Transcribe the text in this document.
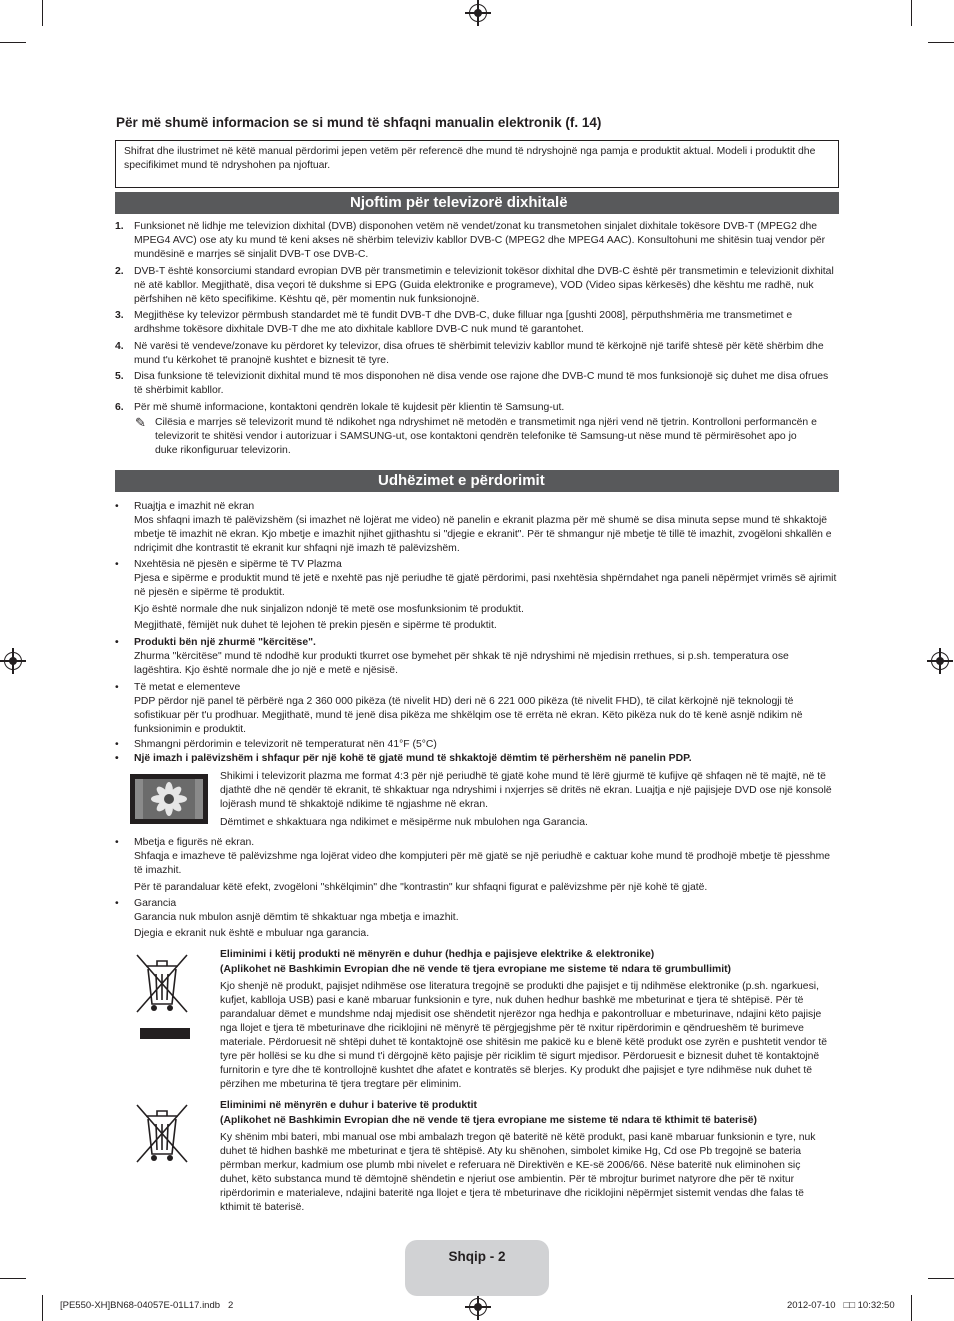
Për më shumë informacion se si mund të shfaqni manualin elektronik (f. 14)
Shifrat dhe ilustrimet në këtë manual përdorimi jepen vetëm për referencë dhe mund të ndryshojnë nga pamja e produktit aktual. Modeli i produktit dhe specifikimet mund të ndryshohen pa njoftuar.
Njoftim për televizorë dixhitalë
1. Funksionet në lidhje me televizion dixhital (DVB) disponohen vetëm në vendet/zonat ku transmetohen sinjalet dixhitale tokësore DVB-T (MPEG2 dhe MPEG4 AVC) ose aty ku mund të keni akses në shërbim televiziv kabllor DVB-C (MPEG2 dhe MPEG4 AAC). Konsultohuni me shitësin tuaj vendor për mundësinë e marrjes së sinjalit DVB-T ose DVB-C.
2. DVB-T është konsorciumi standard evropian DVB për transmetimin e televizionit tokësor dixhital dhe DVB-C është për transmetimin e televizionit dixhital në atë kabllor. Megjithatë, disa veçori të dukshme si EPG (Guida elektronike e programeve), VOD (Video sipas kërkesës) dhe kështu me radhë, nuk përfshihen në këto specifikime. Kështu që, për momentin nuk funksionojnë.
3. Megjithëse ky televizor përmbush standardet më të fundit DVB-T dhe DVB-C, duke filluar nga [gushti 2008], përputhshmëria me transmetimet e ardhshme tokësore dixhitale DVB-T dhe me ato dixhitale kabllore DVB-C nuk mund të garantohet.
4. Në varësi të vendeve/zonave ku përdoret ky televizor, disa ofrues të shërbimit televiziv kabllor mund të kërkojnë një tarifë shtesë për këtë shërbim dhe mund t'u kërkohet të pranojnë kushtet e biznesit të tyre.
5. Disa funksione të televizionit dixhital mund të mos disponohen në disa vende ose rajone dhe DVB-C mund të mos funksionojë siç duhet me disa ofrues të shërbimit kabllor.
6. Për më shumë informacione, kontaktoni qendrën lokale të kujdesit për klientin të Samsung-ut.
✎ Cilësia e marrjes së televizorit mund të ndikohet nga ndryshimet në metodën e transmetimit nga njëri vend në tjetrin. Kontrolloni performancën e televizorit te shitësi vendor i autorizuar i SAMSUNG-ut, ose kontaktoni qendrën telefonike të Samsung-ut nëse mund të përmirësohet apo jo duke rikonfiguruar televizorin.
Udhëzimet e përdorimit
• Ruajtja e imazhit në ekran
Mos shfaqni imazh të palëvizshëm (si imazhet në lojërat me video) në panelin e ekranit plazma për më shumë se disa minuta sepse mund të shkaktojë mbetje të imazhit në ekran. Kjo mbetje e imazhit njihet gjithashtu si "djegie e ekranit". Për të shmangur një mbetje të tillë të imazhit, zvogëloni shkallën e ndriçimit dhe kontrastit të ekranit kur shfaqni një imazh të palëvizshëm.
• Nxehtësia në pjesën e sipërme të TV Plazma
Pjesa e sipërme e produktit mund të jetë e nxehtë pas një periudhe të gjatë përdorimi, pasi nxehtësia shpërndahet nga paneli nëpërmjet vrimës së ajrimit në pjesën e sipërme të produktit.
Kjo është normale dhe nuk sinjalizon ndonjë të metë ose mosfunksionim të produktit.
Megjithatë, fëmijët nuk duhet të lejohen të prekin pjesën e sipërme të produktit.
• Produkti bën një zhurmë "kërcitëse".
Zhurma "kërcitëse" mund të ndodhë kur produkti tkurret ose bymehet për shkak të një ndryshimi në mjedisin rrethues, si p.sh. temperatura ose lagështira. Kjo është normale dhe jo një e metë e njësisë.
• Të metat e elementeve
PDP përdor një panel të përbërë nga 2 360 000 pikëza (të nivelit HD) deri në 6 221 000 pikëza (të nivelit FHD), të cilat kërkojnë një teknologji të sofistikuar për t'u prodhuar. Megjithatë, mund të jenë disa pikëza me shkëlqim ose të errëta në ekran. Këto pikëza nuk do të kenë asnjë ndikim në funksionimin e produktit.
• Shmangni përdorimin e televizorit në temperaturat nën 41°F (5°C)
• Një imazh i palëvizshëm i shfaqur për një kohë të gjatë mund të shkaktojë dëmtim të përhershëm në panelin PDP.
Shikimi i televizorit plazma me format 4:3 për një periudhë të gjatë kohe mund të lërë gjurmë të kufijve që shfaqen në të majtë, në të djathtë dhe në qendër të ekranit, të shkaktuar nga ndryshimi i nxjerrjes së dritës në ekran. Luajtja e një pajisjeje DVD ose një konsolë lojërash mund të shkaktojë ndikime të ngjashme në ekran.
Dëmtimet e shkaktuara nga ndikimet e mësipërme nuk mbulohen nga Garancia.
• Mbetja e figurës në ekran.
Shfaqja e imazheve të palëvizshme nga lojërat video dhe kompjuteri për më gjatë se një periudhë e caktuar kohe mund të prodhojë mbetje të pjesshme të imazhit.
Për të parandaluar këtë efekt, zvogëloni "shkëlqimin" dhe "kontrastin" kur shfaqni figurat e palëvizshme për një kohë të gjatë.
• Garancia
Garancia nuk mbulon asnjë dëmtim të shkaktuar nga mbetja e imazhit.
Djegia e ekranit nuk është e mbuluar nga garancia.
Eliminimi i këtij produkti në mënyrën e duhur (hedhja e pajisjeve elektrike & elektronike)
(Aplikohet në Bashkimin Evropian dhe në vende të tjera evropiane me sisteme të ndara të grumbullimit)
Kjo shenjë në produkt, pajisjet ndihmëse ose literatura tregojnë se produkti dhe pajisjet e tij ndihmëse elektronike (p.sh. ngarkuesi, kufjet, kablloja USB) pasi e kanë mbaruar funksionin e tyre, nuk duhen hedhur bashkë me mbeturinat e tjera të shtëpisë. Për të parandaluar dëmet e mundshme ndaj mjedisit ose shëndetit njerëzor nga hedhja e pakontrolluar e mbeturinave, ndajini këto pajisje nga llojet e tjera të mbeturinave dhe riciklojini në mënyrë të përgjegjshme për të nxitur ripërdorimin e qëndrueshëm të burimeve materiale. Përdoruesit në shtëpi duhet të kontaktojnë ose shitësin me pakicë ku e blenë këtë produkt ose zyrën e pushtetit vendor të tyre për hollësi se ku dhe si mund t'i dërgojnë këto pajisje për riciklim të sigurt mjedisor. Përdoruesit e biznesit duhet të kontaktojnë furnitorin e tyre dhe të kontrollojnë kushtet dhe afatet e kontratës së blerjes. Ky produkt dhe pajisjet e tyre ndihmëse nuk duhet të përzihen me mbeturina të tjera tregtare për eliminim.
Eliminimi në mënyrën e duhur i baterive të produktit
(Aplikohet në Bashkimin Evropian dhe në vende të tjera evropiane me sisteme të ndara të kthimit të baterisë)
Ky shënim mbi bateri, mbi manual ose mbi ambalazh tregon që bateritë në këtë produkt, pasi kanë mbaruar funksionin e tyre, nuk duhet të hidhen bashkë me mbeturinat e tjera të shtëpisë. Aty ku shënohen, simbolet kimike Hg, Cd ose Pb tregojnë se bateria përmban merkur, kadmium ose plumb mbi nivelet e referuara në Direktivën e KE-së 2006/66. Nëse bateritë nuk eliminohen siç duhet, këto substanca mund të dëmtojnë shëndetin e njeriut ose ambientin. Për të mbrojtur burimet natyrore dhe për të nxitur ripërdorimin e materialeve, ndajini bateritë nga llojet e tjera të mbeturinave dhe riciklojini nëpërmjet sistemit vendas dhe falas të kthimit të baterisë.
Shqip - 2
[PE550-XH]BN68-04057E-01L17.indb   2	2012-07-10   □□ 10:32:50
